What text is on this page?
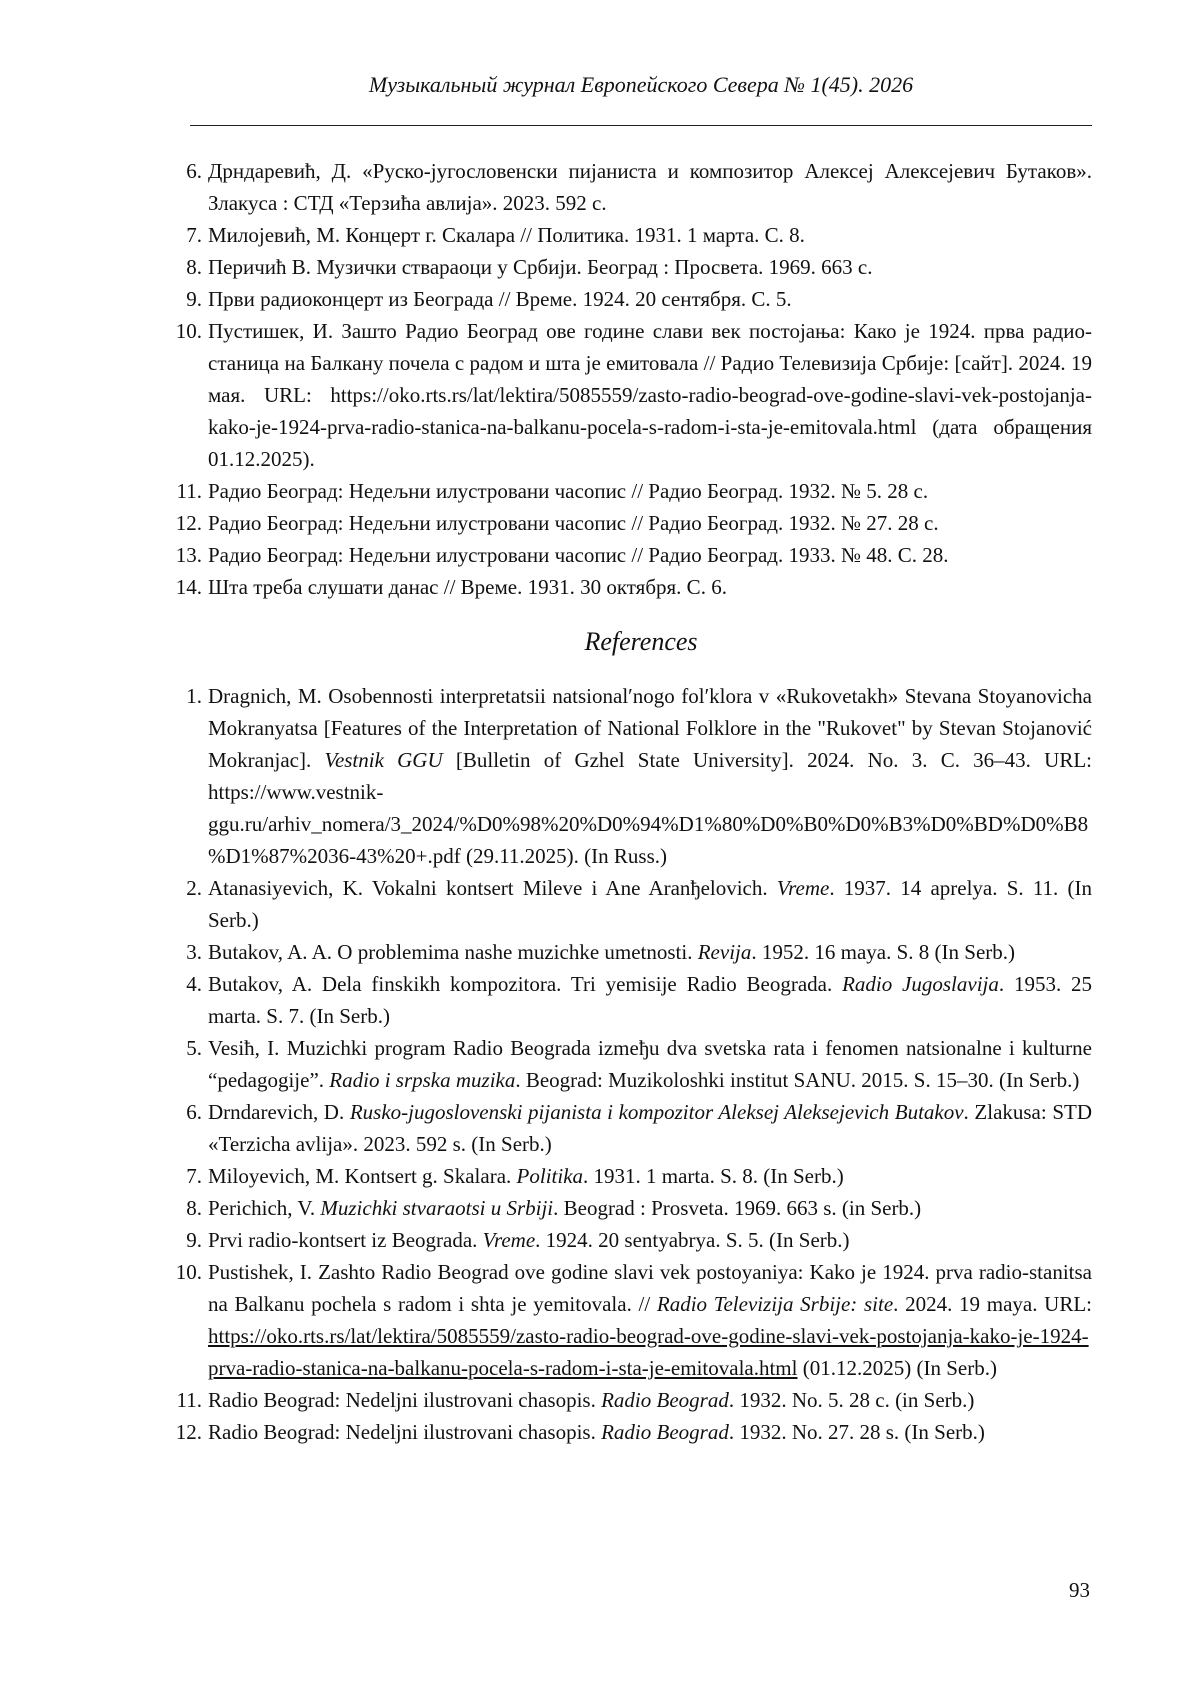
Музыкальный журнал Европейского Севера № 1(45). 2026
6. Дрндаревић, Д. «Руско-југословенски пијаниста и композитор Алексеј Алексејевич Бутаков». Злакуса : СТД «Терзића авлија». 2023. 592 с.
7. Милојевић, М. Концерт г. Скалара // Политика. 1931. 1 марта. С. 8.
8. Перичић В. Музички ствараоци у Србији. Београд : Просвета. 1969. 663 с.
9. Први радиоконцерт из Београда // Време. 1924. 20 сентября. С. 5.
10. Пустишек, И. Зашто Радио Београд ове године слави век постојања: Како је 1924. прва радио-станица на Балкану почела с радом и шта је емитовала // Радио Телевизија Србије: [сайт]. 2024. 19 мая. URL: https://oko.rts.rs/lat/lektira/5085559/zasto-radio-beograd-ove-godine-slavi-vek-postojanja-kako-je-1924-prva-radio-stanica-na-balkanu-pocela-s-radom-i-sta-je-emitovala.html (дата обращения 01.12.2025).
11. Радио Београд: Недељни илустровани часопис // Радио Београд. 1932. № 5. 28 с.
12. Радио Београд: Недељни илустровани часопис // Радио Београд. 1932. № 27. 28 с.
13. Радио Београд: Недељни илустровани часопис // Радио Београд. 1933. № 48. С. 28.
14. Шта треба слушати данас // Време. 1931. 30 октября. С. 6.
References
1. Dragnich, M. Osobennosti interpretatsii natsionalʹnogo folʹklora v «Rukovetakh» Stevana Stoyanovicha Mokranyatsa [Features of the Interpretation of National Folklore in the "Rukovet" by Stevan Stojanović Mokranjac]. Vestnik GGU [Bulletin of Gzhel State University]. 2024. No. 3. C. 36–43. URL: https://www.vestnik-ggu.ru/arhiv_nomera/3_2024/%D0%98%20%D0%94%D1%80%D0%B0%D0%B3%D0%BD%D0%B8%D1%87%2036-43%20+.pdf (29.11.2025). (In Russ.)
2. Atanasiyevich, K. Vokalni kontsert Mileve i Ane Aranђelovich. Vreme. 1937. 14 aprelya. S. 11. (In Serb.)
3. Butakov, A. A. O problemima nashe muzichke umetnosti. Revija. 1952. 16 maya. S. 8 (In Serb.)
4. Butakov, A. Dela finskikh kompozitora. Tri yemisije Radio Beograda. Radio Jugoslavija. 1953. 25 marta. S. 7. (In Serb.)
5. Vesiћ, I. Muzichki program Radio Beograda izmeђu dva svetska rata i fenomen natsionalne i kulturne “pedagogije”. Radio i srpska muzika. Beograd: Muzikoloshki institut SANU. 2015. S. 15–30. (In Serb.)
6. Drndarevich, D. Rusko-jugoslovenski pijanista i kompozitor Aleksej Aleksejevich Butakov. Zlakusa: STD «Terzicha avlija». 2023. 592 s. (In Serb.)
7. Miloyevich, M. Kontsert g. Skalara. Politika. 1931. 1 marta. S. 8. (In Serb.)
8. Perichich, V. Muzichki stvaraotsi u Srbiji. Beograd : Prosveta. 1969. 663 s. (in Serb.)
9. Prvi radio-kontsert iz Beograda. Vreme. 1924. 20 sentyabrya. S. 5. (In Serb.)
10. Pustishek, I. Zashto Radio Beograd ove godine slavi vek postoyaniya: Kako je 1924. prva radio-stanitsa na Balkanu pochela s radom i shta je yemitovala. // Radio Televizija Srbije: site. 2024. 19 maya. URL: https://oko.rts.rs/lat/lektira/5085559/zasto-radio-beograd-ove-godine-slavi-vek-postojanja-kako-je-1924-prva-radio-stanica-na-balkanu-pocela-s-radom-i-sta-je-emitovala.html (01.12.2025) (In Serb.)
11. Radio Beograd: Nedeljni ilustrovani chasopis. Radio Beograd. 1932. No. 5. 28 c. (in Serb.)
12. Radio Beograd: Nedeljni ilustrovani chasopis. Radio Beograd. 1932. No. 27. 28 s. (In Serb.)
93
